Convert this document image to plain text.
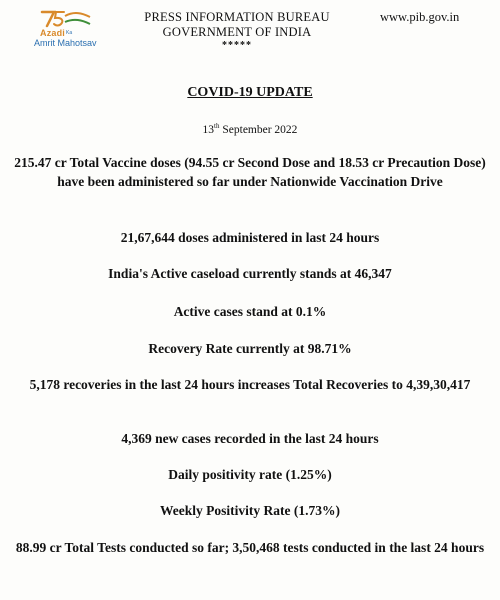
Azadi Ka
Amrit Mahotsav
PRESS INFORMATION BUREAU
GOVERNMENT OF INDIA
*****
www.pib.gov.in
COVID-19 UPDATE
13th September 2022
215.47 cr Total Vaccine doses (94.55 cr Second Dose and 18.53 cr Precaution Dose) have been administered so far under Nationwide Vaccination Drive
21,67,644 doses administered in last 24 hours
India's Active caseload currently stands at 46,347
Active cases stand at 0.1%
Recovery Rate currently at 98.71%
5,178 recoveries in the last 24 hours increases Total Recoveries to 4,39,30,417
4,369 new cases recorded in the last 24 hours
Daily positivity rate (1.25%)
Weekly Positivity Rate (1.73%)
88.99 cr Total Tests conducted so far; 3,50,468 tests conducted in the last 24 hours
